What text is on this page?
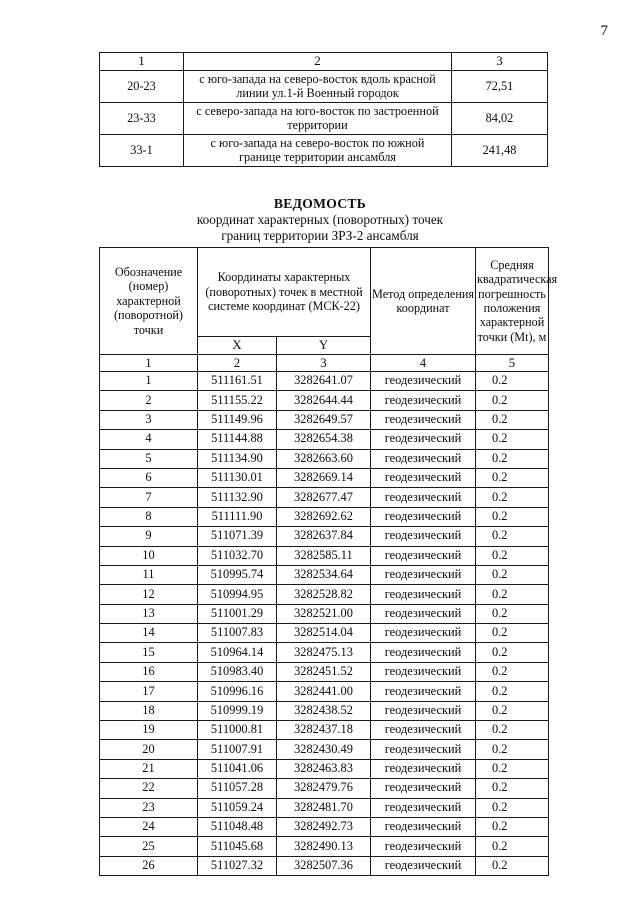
7
1	2	3
20-23	с юго-запада на северо-восток вдоль красной линии ул.1-й Военный городок	72,51
23-33	с северо-запада на юго-восток по застроенной территории	84,02
33-1	с юго-запада на северо-восток по южной границе территории ансамбля	241,48
ВЕДОМОСТЬ
координат характерных (поворотных) точек
границ территории ЗРЗ-2 ансамбля
Обозначение (номер) характерной (поворотной) точки	Координаты характерных (поворотных) точек в местной системе координат (МСК-22)		Метод определения координат	Средняя квадратическая погрешность положения характерной точки (Мt), м
	X	Y		
1	2	3	4	5
1	511161.51	3282641.07	геодезический	0.2
2	511155.22	3282644.44	геодезический	0.2
3	511149.96	3282649.57	геодезический	0.2
4	511144.88	3282654.38	геодезический	0.2
5	511134.90	3282663.60	геодезический	0.2
6	511130.01	3282669.14	геодезический	0.2
7	511132.90	3282677.47	геодезический	0.2
8	511111.90	3282692.62	геодезический	0.2
9	511071.39	3282637.84	геодезический	0.2
10	511032.70	3282585.11	геодезический	0.2
11	510995.74	3282534.64	геодезический	0.2
12	510994.95	3282528.82	геодезический	0.2
13	511001.29	3282521.00	геодезический	0.2
14	511007.83	3282514.04	геодезический	0.2
15	510964.14	3282475.13	геодезический	0.2
16	510983.40	3282451.52	геодезический	0.2
17	510996.16	3282441.00	геодезический	0.2
18	510999.19	3282438.52	геодезический	0.2
19	511000.81	3282437.18	геодезический	0.2
20	511007.91	3282430.49	геодезический	0.2
21	511041.06	3282463.83	геодезический	0.2
22	511057.28	3282479.76	геодезический	0.2
23	511059.24	3282481.70	геодезический	0.2
24	511048.48	3282492.73	геодезический	0.2
25	511045.68	3282490.13	геодезический	0.2
26	511027.32	3282507.36	геодезический	0.2
